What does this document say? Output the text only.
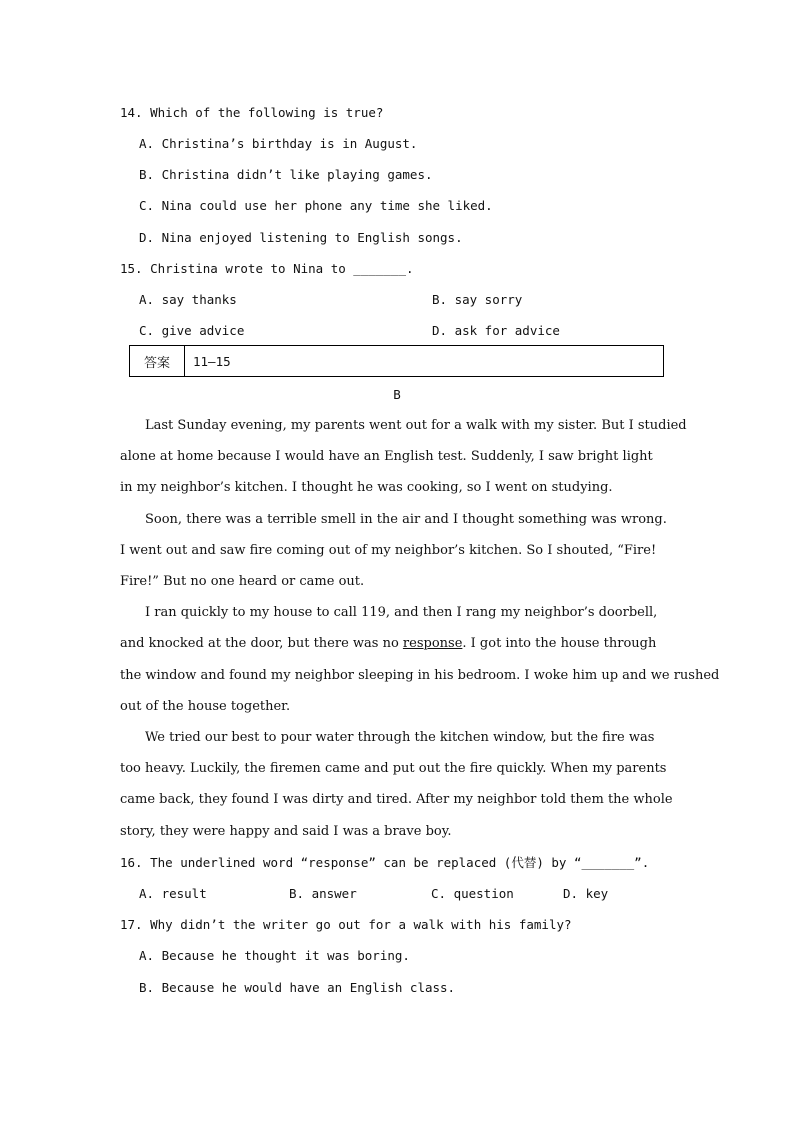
14. Which of the following is true?
A. Christina’s birthday is in August.
B. Christina didn’t like playing games.
C. Nina could use her phone any time she liked.
D. Nina enjoyed listening to English songs.
15. Christina wrote to Nina to _______.
A. say thanks	B. say sorry
C. give advice	D. ask for advice
答案	11—15
B
Last Sunday evening, my parents went out for a walk with my sister. But I studied
alone at home because I would have an English test. Suddenly, I saw bright light
in my neighbor’s kitchen. I thought he was cooking, so I went on studying.
Soon, there was a terrible smell in the air and I thought something was wrong.
I went out and saw fire coming out of my neighbor’s kitchen. So I shouted, “Fire!
Fire!” But no one heard or came out.
I ran quickly to my house to call 119, and then I rang my neighbor’s doorbell,
and knocked at the door, but there was no response. I got into the house through
the window and found my neighbor sleeping in his bedroom. I woke him up and we rushed
out of the house together.
We tried our best to pour water through the kitchen window, but the fire was
too heavy. Luckily, the firemen came and put out the fire quickly. When my parents
came back, they found I was dirty and tired. After my neighbor told them the whole
story, they were happy and said I was a brave boy.
16. The underlined word “response” can be replaced (代替) by “_______”.
A. result	B. answer	C. question	D. key
17. Why didn’t the writer go out for a walk with his family?
A. Because he thought it was boring.
B. Because he would have an English class.
